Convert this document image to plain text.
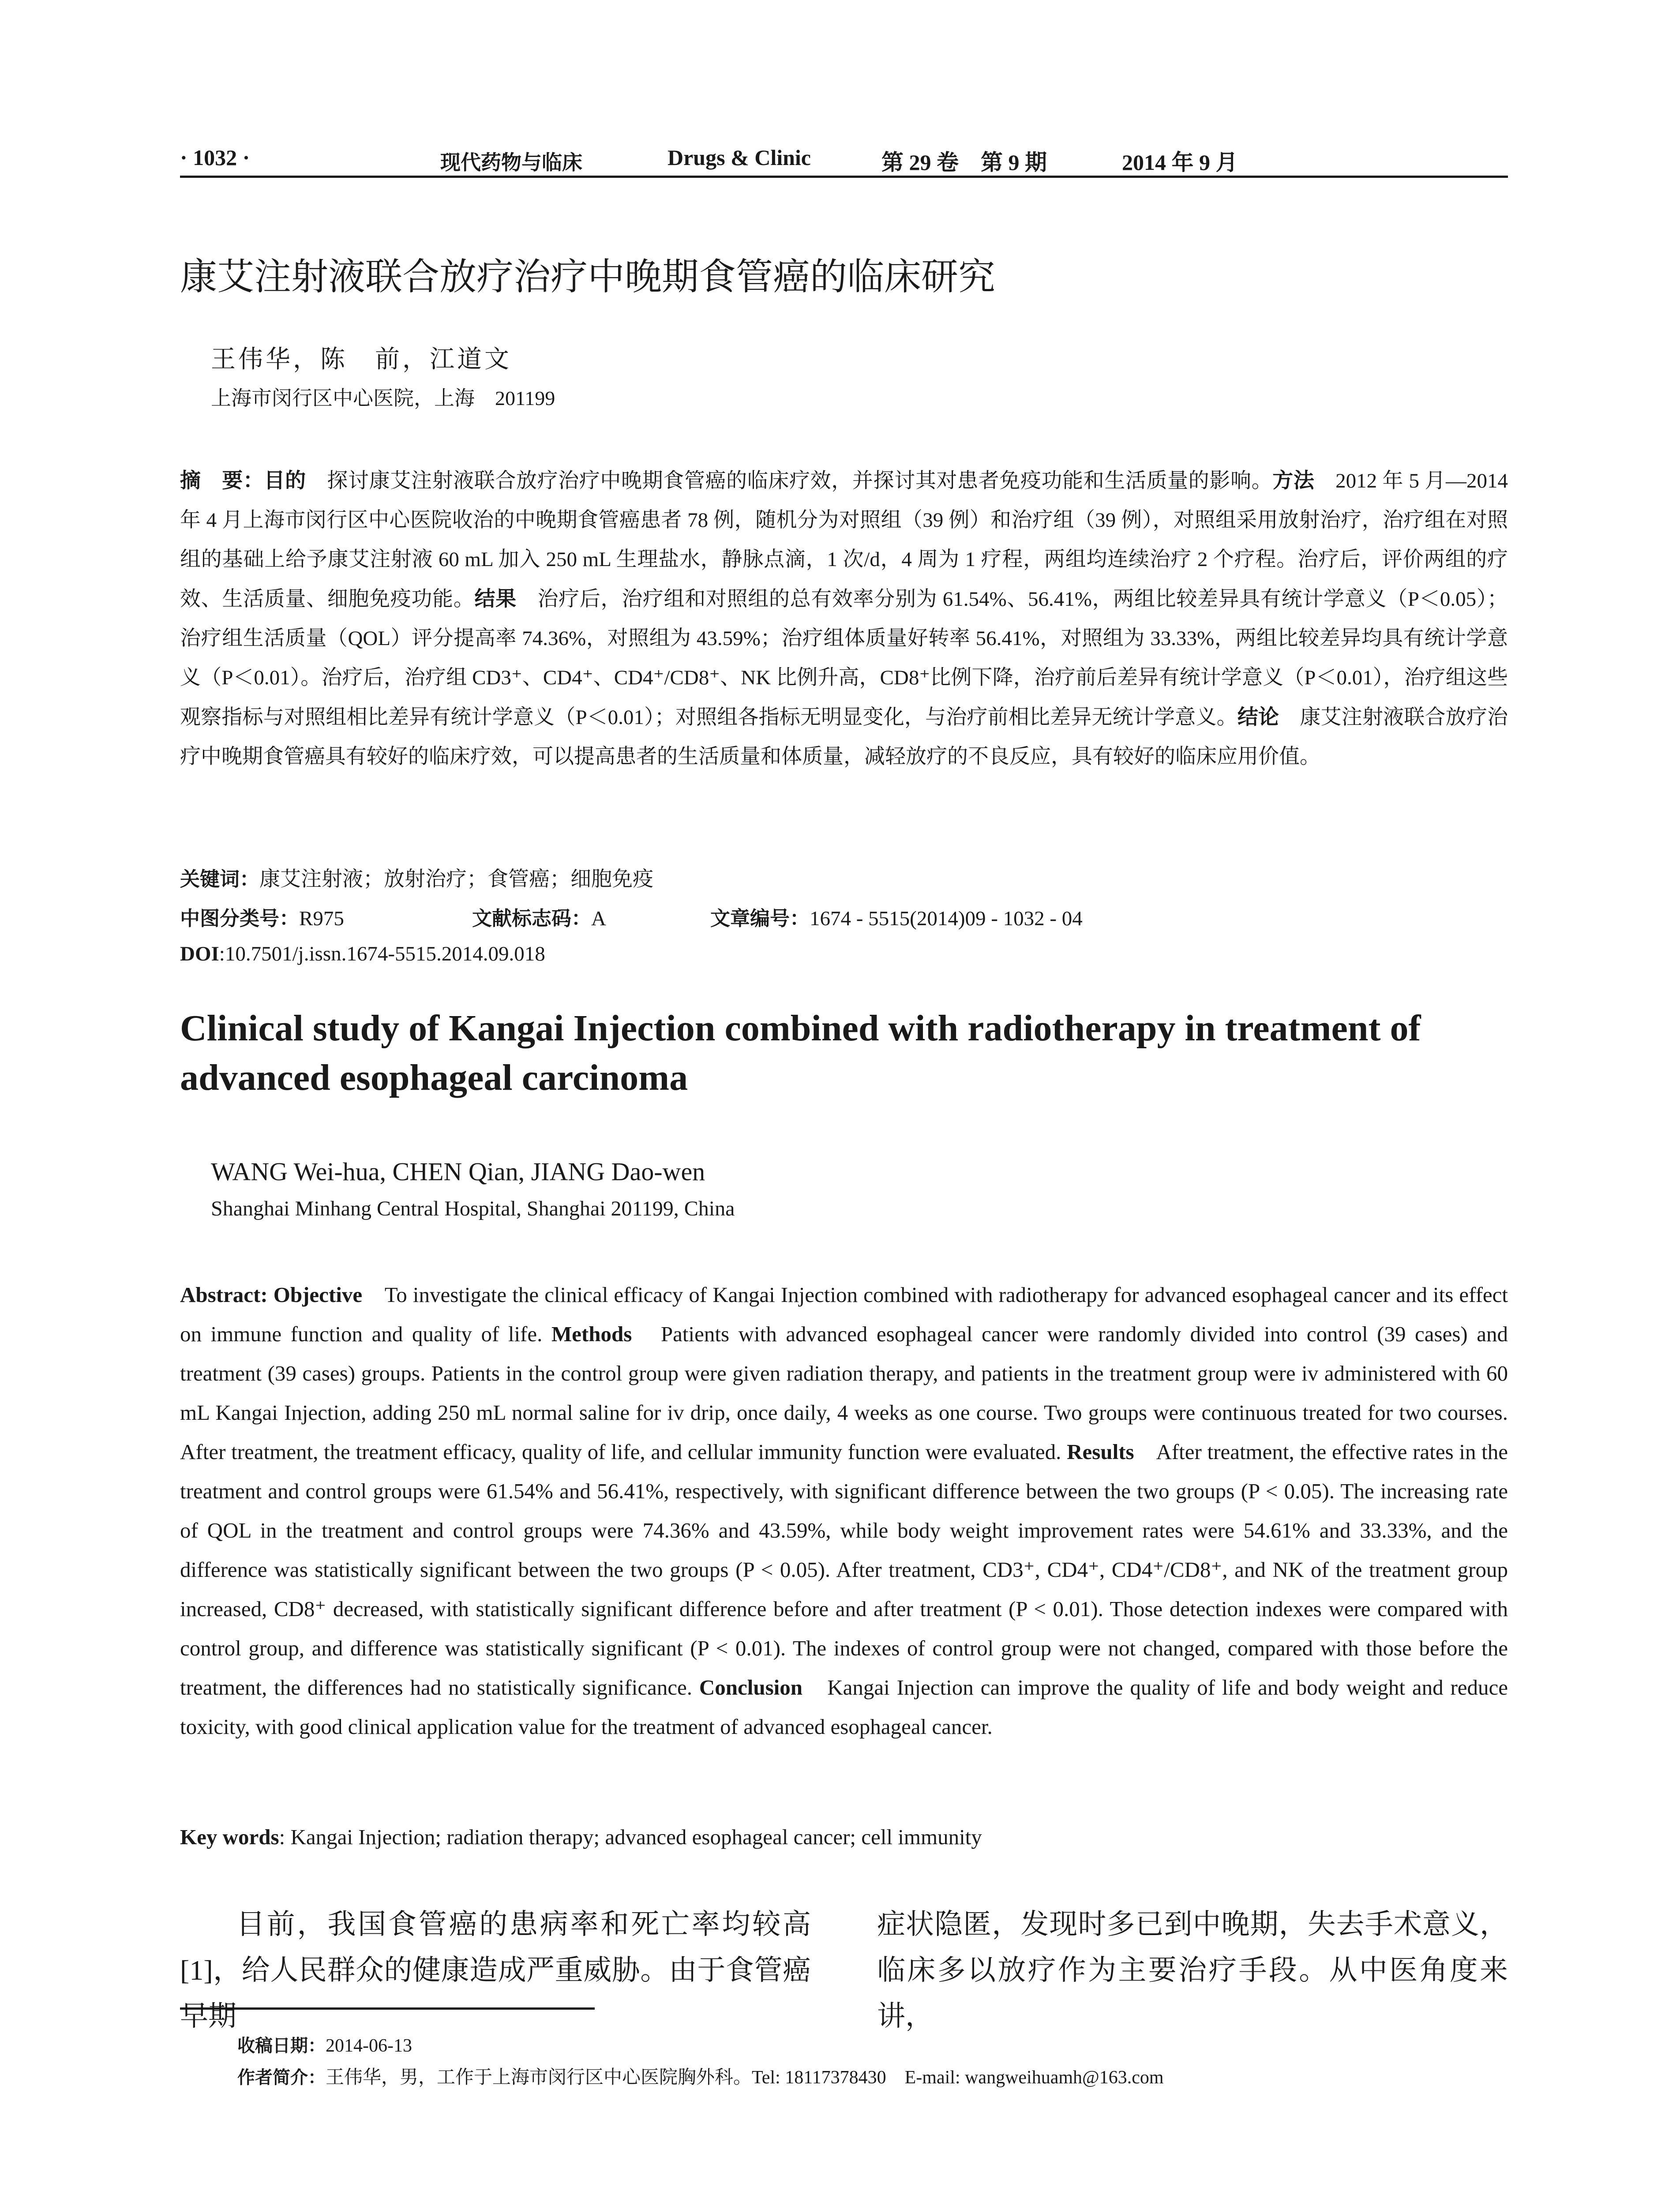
· 1032 ·	现代药物与临床	Drugs & Clinic	第 29 卷　第 9 期	2014 年 9 月
康艾注射液联合放疗治疗中晚期食管癌的临床研究
王伟华，陈　前，江道文
上海市闵行区中心医院，上海　201199
摘　要：目的　探讨康艾注射液联合放疗治疗中晚期食管癌的临床疗效，并探讨其对患者免疫功能和生活质量的影响。方法　2012 年 5 月—2014 年 4 月上海市闵行区中心医院收治的中晚期食管癌患者 78 例，随机分为对照组（39 例）和治疗组（39 例），对照组采用放射治疗，治疗组在对照组的基础上给予康艾注射液 60 mL 加入 250 mL 生理盐水，静脉点滴，1 次/d，4 周为 1 疗程，两组均连续治疗 2 个疗程。治疗后，评价两组的疗效、生活质量、细胞免疫功能。结果　治疗后，治疗组和对照组的总有效率分别为 61.54%、56.41%，两组比较差异具有统计学意义（P＜0.05）；治疗组生活质量（QOL）评分提高率 74.36%，对照组为 43.59%；治疗组体质量好转率 56.41%，对照组为 33.33%，两组比较差异均具有统计学意义（P＜0.01）。治疗后，治疗组 CD3⁺、CD4⁺、CD4⁺/CD8⁺、NK 比例升高，CD8⁺比例下降，治疗前后差异有统计学意义（P＜0.01），治疗组这些观察指标与对照组相比差异有统计学意义（P＜0.01）；对照组各指标无明显变化，与治疗前相比差异无统计学意义。结论　康艾注射液联合放疗治疗中晚期食管癌具有较好的临床疗效，可以提高患者的生活质量和体质量，减轻放疗的不良反应，具有较好的临床应用价值。
关键词：康艾注射液；放射治疗；食管癌；细胞免疫
中图分类号：R975	文献标志码：A	文章编号：1674 - 5515(2014)09 - 1032 - 04
DOI:10.7501/j.issn.1674-5515.2014.09.018
Clinical study of Kangai Injection combined with radiotherapy in treatment of advanced esophageal carcinoma
WANG Wei-hua, CHEN Qian, JIANG Dao-wen
Shanghai Minhang Central Hospital, Shanghai 201199, China
Abstract: Objective　To investigate the clinical efficacy of Kangai Injection combined with radiotherapy for advanced esophageal cancer and its effect on immune function and quality of life. Methods　Patients with advanced esophageal cancer were randomly divided into control (39 cases) and treatment (39 cases) groups. Patients in the control group were given radiation therapy, and patients in the treatment group were iv administered with 60 mL Kangai Injection, adding 250 mL normal saline for iv drip, once daily, 4 weeks as one course. Two groups were continuous treated for two courses. After treatment, the treatment efficacy, quality of life, and cellular immunity function were evaluated. Results　After treatment, the effective rates in the treatment and control groups were 61.54% and 56.41%, respectively, with significant difference between the two groups (P < 0.05). The increasing rate of QOL in the treatment and control groups were 74.36% and 43.59%, while body weight improvement rates were 54.61% and 33.33%, and the difference was statistically significant between the two groups (P < 0.05). After treatment, CD3⁺, CD4⁺, CD4⁺/CD8⁺, and NK of the treatment group increased, CD8⁺ decreased, with statistically significant difference before and after treatment (P < 0.01). Those detection indexes were compared with control group, and difference was statistically significant (P < 0.01). The indexes of control group were not changed, compared with those before the treatment, the differences had no statistically significance. Conclusion　Kangai Injection can improve the quality of life and body weight and reduce toxicity, with good clinical application value for the treatment of advanced esophageal cancer.
Key words: Kangai Injection; radiation therapy; advanced esophageal cancer; cell immunity
目前，我国食管癌的患病率和死亡率均较高[1]，给人民群众的健康造成严重威胁。由于食管癌早期
症状隐匿，发现时多已到中晚期，失去手术意义，临床多以放疗作为主要治疗手段。从中医角度来讲，
收稿日期：2014-06-13
作者简介：王伟华，男，工作于上海市闵行区中心医院胸外科。Tel: 18117378430　E-mail: wangweihuamh@163.com
